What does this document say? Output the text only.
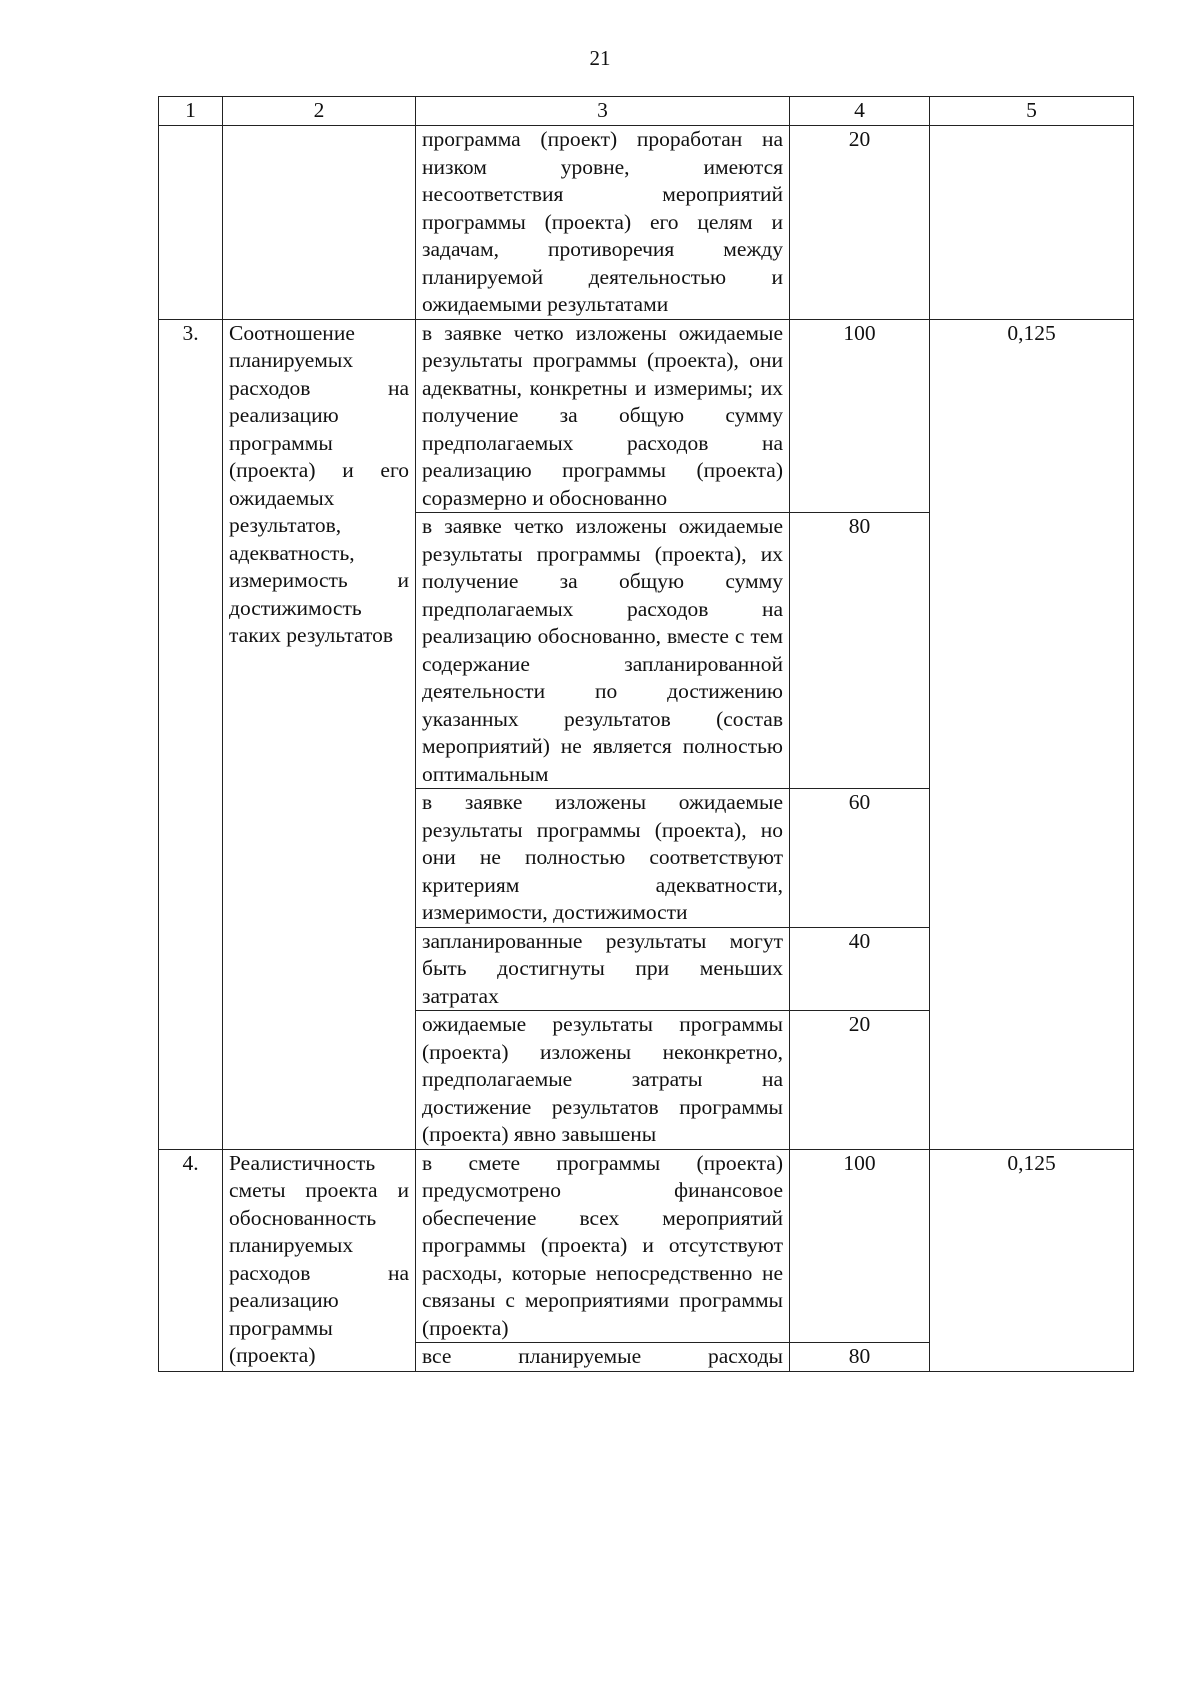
21
1	2	3	4	5
		программа (проект) проработан на низком уровне, имеются несоответствия мероприятий программы (проекта) его целям и задачам, противоречия между планируемой деятельностью и ожидаемыми результатами	20	
3.	Соотношение планируемых расходов на реализацию программы (проекта) и его ожидаемых результатов, адекватность, измеримость и достижимость таких результатов	в заявке четко изложены ожидаемые результаты программы (проекта), они адекватны, конкретны и измеримы; их получение за общую сумму предполагаемых расходов на реализацию программы (проекта) соразмерно и обоснованно	100	0,125
		в заявке четко изложены ожидаемые результаты программы (проекта), их получение за общую сумму предполагаемых расходов на реализацию обоснованно, вместе с тем содержание запланированной деятельности по достижению указанных результатов (состав мероприятий) не является полностью оптимальным	80	
		в заявке изложены ожидаемые результаты программы (проекта), но они не полностью соответствуют критериям адекватности, измеримости, достижимости	60	
		запланированные результаты могут быть достигнуты при меньших затратах	40	
		ожидаемые результаты программы (проекта) изложены неконкретно, предполагаемые затраты на достижение результатов программы (проекта) явно завышены	20	
4.	Реалистичность сметы проекта и обоснованность планируемых расходов на реализацию программы (проекта)	в смете программы (проекта) предусмотрено финансовое обеспечение всех мероприятий программы (проекта) и отсутствуют расходы, которые непосредственно не связаны с мероприятиями программы (проекта)	100	0,125
		все планируемые расходы	80	
